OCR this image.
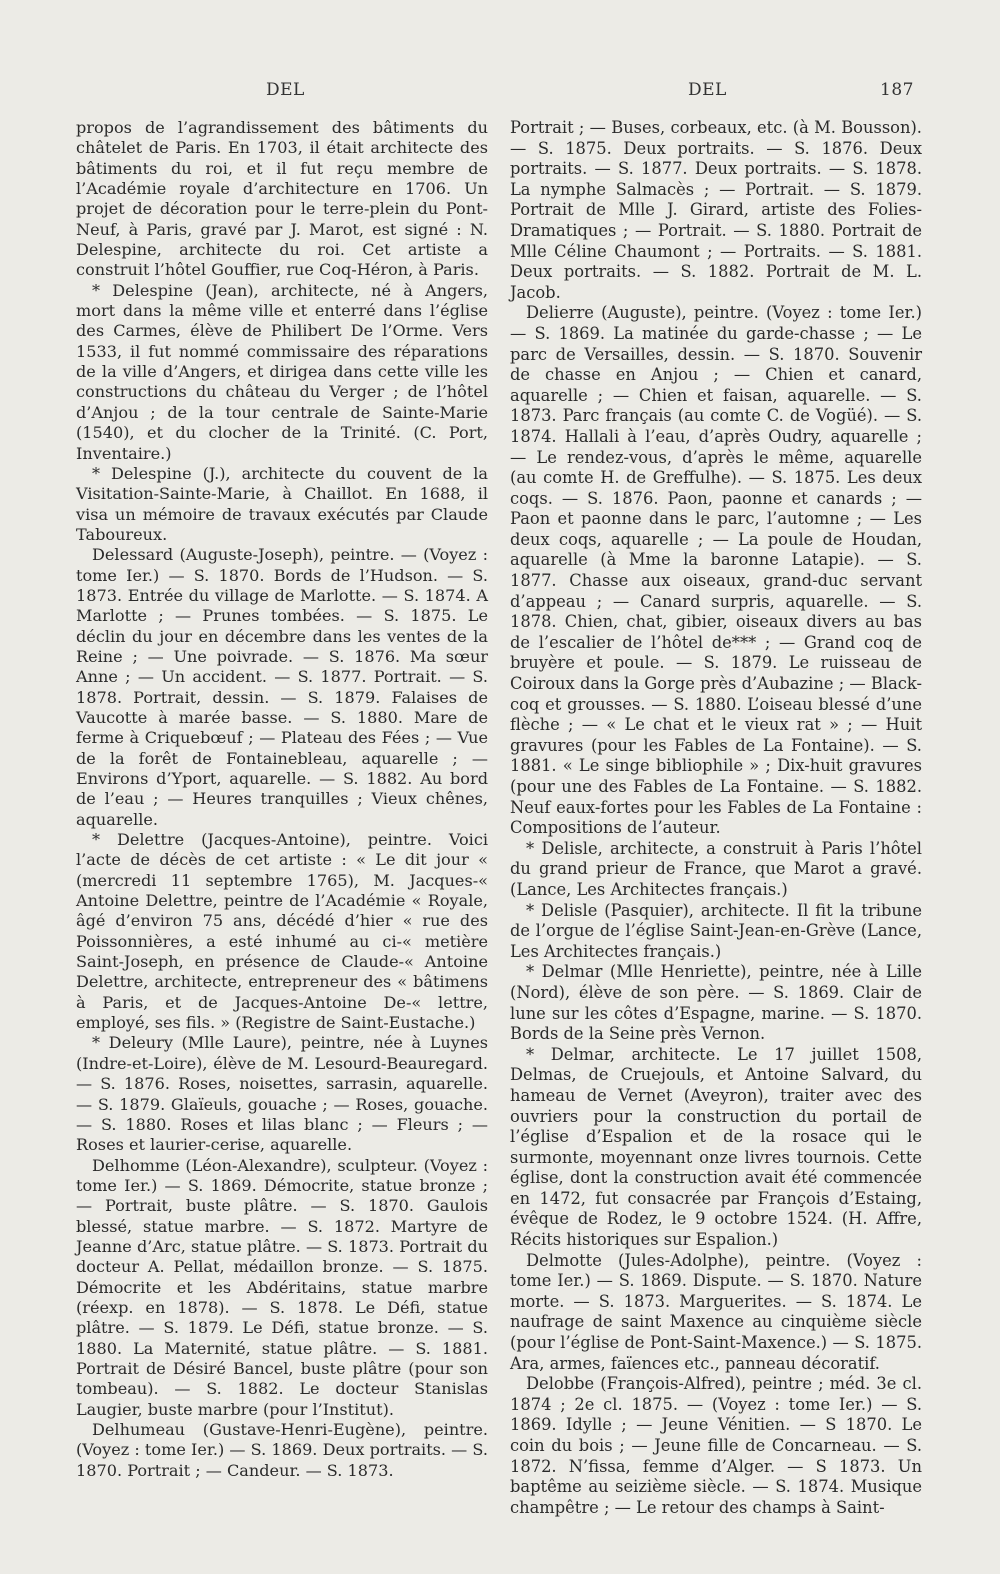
DEL	DEL	187

propos de l’agrandissement des bâtiments du châtelet de Paris. En 1703, il était architecte des bâtiments du roi, et il fut reçu membre de l’Académie royale d’architecture en 1706. Un projet de décoration pour le terre-plein du Pont-Neuf, à Paris, gravé par J. Marot, est signé : N. Delespine, architecte du roi. Cet artiste a construit l’hôtel Gouffier, rue Coq-Héron, à Paris.

* Delespine (Jean), architecte, né à Angers, mort dans la même ville et enterré dans l’église des Carmes, élève de Philibert De l’Orme. Vers 1533, il fut nommé commissaire des réparations de la ville d’Angers, et dirigea dans cette ville les constructions du château du Verger ; de l’hôtel d’Anjou ; de la tour centrale de Sainte-Marie (1540), et du clocher de la Trinité. (C. Port, Inventaire.)

* Delespine (J.), architecte du couvent de la Visitation-Sainte-Marie, à Chaillot. En 1688, il visa un mémoire de travaux exécutés par Claude Taboureux.

Delessard (Auguste-Joseph), peintre. — (Voyez : tome Ier.) — S. 1870. Bords de l’Hudson. — S. 1873. Entrée du village de Marlotte. — S. 1874. A Marlotte ; — Prunes tombées. — S. 1875. Le déclin du jour en décembre dans les ventes de la Reine ; — Une poivrade. — S. 1876. Ma sœur Anne ; — Un accident. — S. 1877. Portrait. — S. 1878. Portrait, dessin. — S. 1879. Falaises de Vaucotte à marée basse. — S. 1880. Mare de ferme à Criquebœuf ; — Plateau des Fées ; — Vue de la forêt de Fontainebleau, aquarelle ; — Environs d’Yport, aquarelle. — S. 1882. Au bord de l’eau ; — Heures tranquilles ; Vieux chênes, aquarelle.

* Delettre (Jacques-Antoine), peintre. Voici l’acte de décès de cet artiste : « Le dit jour « (mercredi 11 septembre 1765), M. Jacques-« Antoine Delettre, peintre de l’Académie « Royale, âgé d’environ 75 ans, décédé d’hier « rue des Poissonnières, a esté inhumé au ci-« metière Saint-Joseph, en présence de Claude-« Antoine Delettre, architecte, entrepreneur des « bâtimens à Paris, et de Jacques-Antoine De-« lettre, employé, ses fils. » (Registre de Saint-Eustache.)

* Deleury (Mlle Laure), peintre, née à Luynes (Indre-et-Loire), élève de M. Lesourd-Beauregard. — S. 1876. Roses, noisettes, sarrasin, aquarelle. — S. 1879. Glaïeuls, gouache ; — Roses, gouache. — S. 1880. Roses et lilas blanc ; — Fleurs ; — Roses et laurier-cerise, aquarelle.

Delhomme (Léon-Alexandre), sculpteur. (Voyez : tome Ier.) — S. 1869. Démocrite, statue bronze ; — Portrait, buste plâtre. — S. 1870. Gaulois blessé, statue marbre. — S. 1872. Martyre de Jeanne d’Arc, statue plâtre. — S. 1873. Portrait du docteur A. Pellat, médaillon bronze. — S. 1875. Démocrite et les Abdéritains, statue marbre (réexp. en 1878). — S. 1878. Le Défi, statue plâtre. — S. 1879. Le Défi, statue bronze. — S. 1880. La Maternité, statue plâtre. — S. 1881. Portrait de Désiré Bancel, buste plâtre (pour son tombeau). — S. 1882. Le docteur Stanislas Laugier, buste marbre (pour l’Institut).

Delhumeau (Gustave-Henri-Eugène), peintre. (Voyez : tome Ier.) — S. 1869. Deux portraits. — S. 1870. Portrait ; — Candeur. — S. 1873.

Portrait ; — Buses, corbeaux, etc. (à M. Bousson). — S. 1875. Deux portraits. — S. 1876. Deux portraits. — S. 1877. Deux portraits. — S. 1878. La nymphe Salmacès ; — Portrait. — S. 1879. Portrait de Mlle J. Girard, artiste des Folies-Dramatiques ; — Portrait. — S. 1880. Portrait de Mlle Céline Chaumont ; — Portraits. — S. 1881. Deux portraits. — S. 1882. Portrait de M. L. Jacob.

Delierre (Auguste), peintre. (Voyez : tome Ier.) — S. 1869. La matinée du garde-chasse ; — Le parc de Versailles, dessin. — S. 1870. Souvenir de chasse en Anjou ; — Chien et canard, aquarelle ; — Chien et faisan, aquarelle. — S. 1873. Parc français (au comte C. de Vogüé). — S. 1874. Hallali à l’eau, d’après Oudry, aquarelle ; — Le rendez-vous, d’après le même, aquarelle (au comte H. de Greffulhe). — S. 1875. Les deux coqs. — S. 1876. Paon, paonne et canards ; — Paon et paonne dans le parc, l’automne ; — Les deux coqs, aquarelle ; — La poule de Houdan, aquarelle (à Mme la baronne Latapie). — S. 1877. Chasse aux oiseaux, grand-duc servant d’appeau ; — Canard surpris, aquarelle. — S. 1878. Chien, chat, gibier, oiseaux divers au bas de l’escalier de l’hôtel de*** ; — Grand coq de bruyère et poule. — S. 1879. Le ruisseau de Coiroux dans la Gorge près d’Aubazine ; — Black-coq et grousses. — S. 1880. L’oiseau blessé d’une flèche ; — « Le chat et le vieux rat » ; — Huit gravures (pour les Fables de La Fontaine). — S. 1881. « Le singe bibliophile » ; Dix-huit gravures (pour une des Fables de La Fontaine. — S. 1882. Neuf eaux-fortes pour les Fables de La Fontaine : Compositions de l’auteur.

* Delisle, architecte, a construit à Paris l’hôtel du grand prieur de France, que Marot a gravé. (Lance, Les Architectes français.)

* Delisle (Pasquier), architecte. Il fit la tribune de l’orgue de l’église Saint-Jean-en-Grève (Lance, Les Architectes français.)

* Delmar (Mlle Henriette), peintre, née à Lille (Nord), élève de son père. — S. 1869. Clair de lune sur les côtes d’Espagne, marine. — S. 1870. Bords de la Seine près Vernon.

* Delmar, architecte. Le 17 juillet 1508, Delmas, de Cruejouls, et Antoine Salvard, du hameau de Vernet (Aveyron), traiter avec des ouvriers pour la construction du portail de l’église d’Espalion et de la rosace qui le surmonte, moyennant onze livres tournois. Cette église, dont la construction avait été commencée en 1472, fut consacrée par François d’Estaing, évêque de Rodez, le 9 octobre 1524. (H. Affre, Récits historiques sur Espalion.)

Delmotte (Jules-Adolphe), peintre. (Voyez : tome Ier.) — S. 1869. Dispute. — S. 1870. Nature morte. — S. 1873. Marguerites. — S. 1874. Le naufrage de saint Maxence au cinquième siècle (pour l’église de Pont-Saint-Maxence.) — S. 1875. Ara, armes, faïences etc., panneau décoratif.

Delobbe (François-Alfred), peintre ; méd. 3e cl. 1874 ; 2e cl. 1875. — (Voyez : tome Ier.) — S. 1869. Idylle ; — Jeune Vénitien. — S 1870. Le coin du bois ; — Jeune fille de Concarneau. — S. 1872. N’fissa, femme d’Alger. — S 1873. Un baptême au seizième siècle. — S. 1874. Musique champêtre ; — Le retour des champs à Saint-
